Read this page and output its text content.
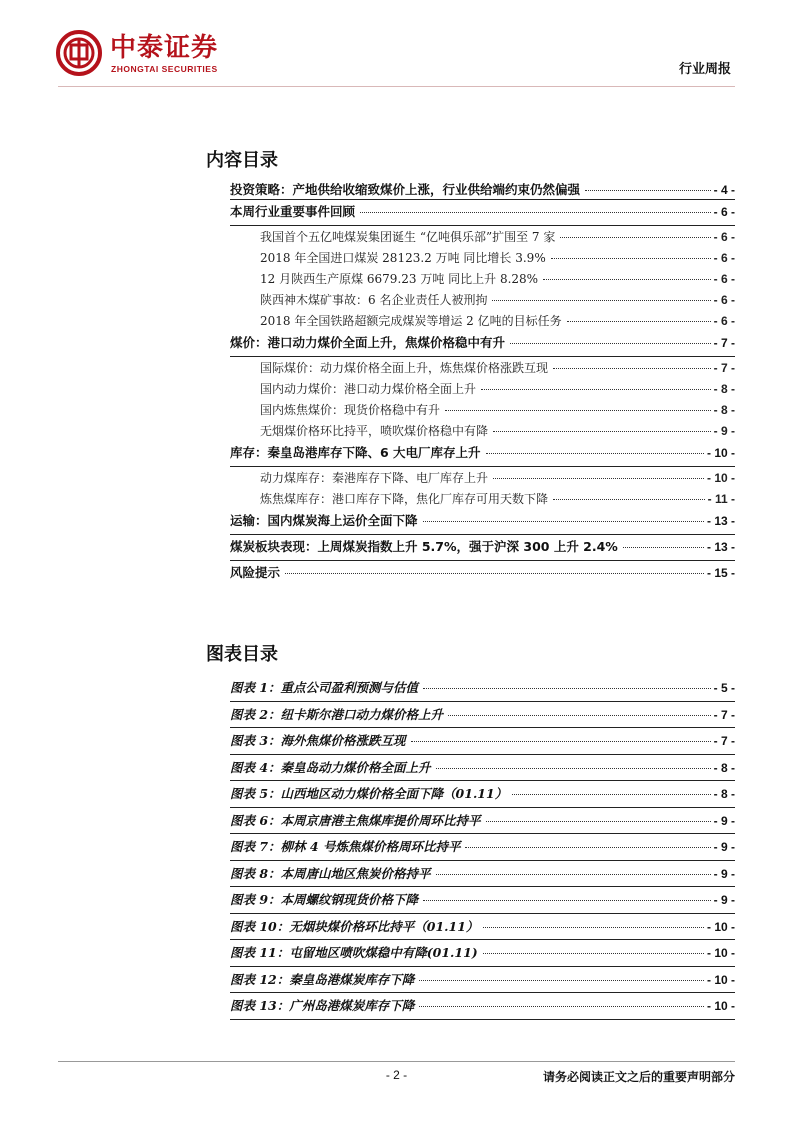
中泰证券
ZHONGTAI SECURITIES	行业周报
内容目录
投资策略：产地供给收缩致煤价上涨，行业供给端约束仍然偏强	- 4 -
本周行业重要事件回顾	- 6 -
我国首个五亿吨煤炭集团诞生 “亿吨俱乐部”扩围至 7 家	- 6 -
2018 年全国进口煤炭 28123.2 万吨 同比增长 3.9%	- 6 -
12 月陕西生产原煤 6679.23 万吨 同比上升 8.28%	- 6 -
陕西神木煤矿事故：6 名企业责任人被刑拘	- 6 -
2018 年全国铁路超额完成煤炭等增运 2 亿吨的目标任务	- 6 -
煤价：港口动力煤价全面上升，焦煤价格稳中有升	- 7 -
国际煤价：动力煤价格全面上升，炼焦煤价格涨跌互现	- 7 -
国内动力煤价：港口动力煤价格全面上升	- 8 -
国内炼焦煤价：现货价格稳中有升	- 8 -
无烟煤价格环比持平，喷吹煤价格稳中有降	- 9 -
库存：秦皇岛港库存下降、6 大电厂库存上升	- 10 -
动力煤库存：秦港库存下降、电厂库存上升	- 10 -
炼焦煤库存：港口库存下降，焦化厂库存可用天数下降	- 11 -
运输：国内煤炭海上运价全面下降	- 13 -
煤炭板块表现：上周煤炭指数上升 5.7%，强于沪深 300 上升 2.4%	- 13 -
风险提示	- 15 -
图表目录
图表 1：重点公司盈利预测与估值	- 5 -
图表 2：纽卡斯尔港口动力煤价格上升	- 7 -
图表 3：海外焦煤价格涨跌互现	- 7 -
图表 4：秦皇岛动力煤价格全面上升	- 8 -
图表 5：山西地区动力煤价格全面下降（01.11）	- 8 -
图表 6：本周京唐港主焦煤库提价周环比持平	- 9 -
图表 7：柳林 4 号炼焦煤价格周环比持平	- 9 -
图表 8：本周唐山地区焦炭价格持平	- 9 -
图表 9：本周螺纹钢现货价格下降	- 9 -
图表 10：无烟块煤价格环比持平（01.11）	- 10 -
图表 11：屯留地区喷吹煤稳中有降(01.11)	- 10 -
图表 12：秦皇岛港煤炭库存下降	- 10 -
图表 13：广州岛港煤炭库存下降	- 10 -
- 2 -	请务必阅读正文之后的重要声明部分
